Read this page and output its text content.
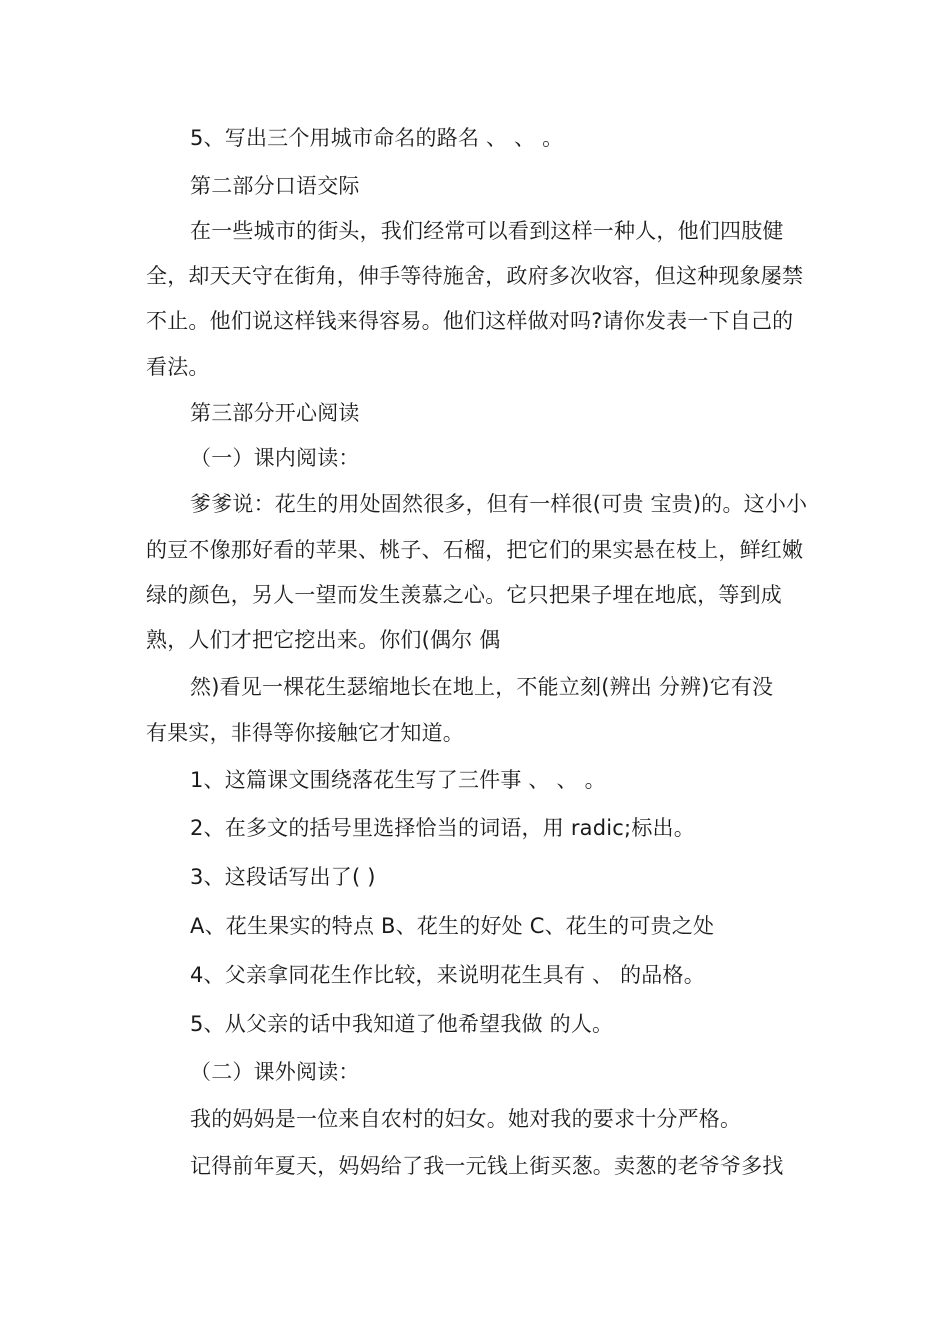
5、写出三个用城市命名的路名 、 、 。
第二部分口语交际
在一些城市的街头，我们经常可以看到这样一种人，他们四肢健
全，却天天守在街角，伸手等待施舍，政府多次收容，但这种现象屡禁
不止。他们说这样钱来得容易。他们这样做对吗?请你发表一下自己的
看法。
第三部分开心阅读
（一）课内阅读：
爹爹说：花生的用处固然很多，但有一样很(可贵 宝贵)的。这小小
的豆不像那好看的苹果、桃子、石榴，把它们的果实悬在枝上，鲜红嫩
绿的颜色，另人一望而发生羡慕之心。它只把果子埋在地底，等到成
熟，人们才把它挖出来。你们(偶尔 偶
然)看见一棵花生瑟缩地长在地上，不能立刻(辨出 分辨)它有没
有果实，非得等你接触它才知道。
1、这篇课文围绕落花生写了三件事 、 、 。
2、在多文的括号里选择恰当的词语，用 radic;标出。
3、这段话写出了( )
A、花生果实的特点 B、花生的好处 C、花生的可贵之处
4、父亲拿同花生作比较，来说明花生具有 、 的品格。
5、从父亲的话中我知道了他希望我做 的人。
（二）课外阅读：
我的妈妈是一位来自农村的妇女。她对我的要求十分严格。
记得前年夏天，妈妈给了我一元钱上街买葱。卖葱的老爷爷多找
